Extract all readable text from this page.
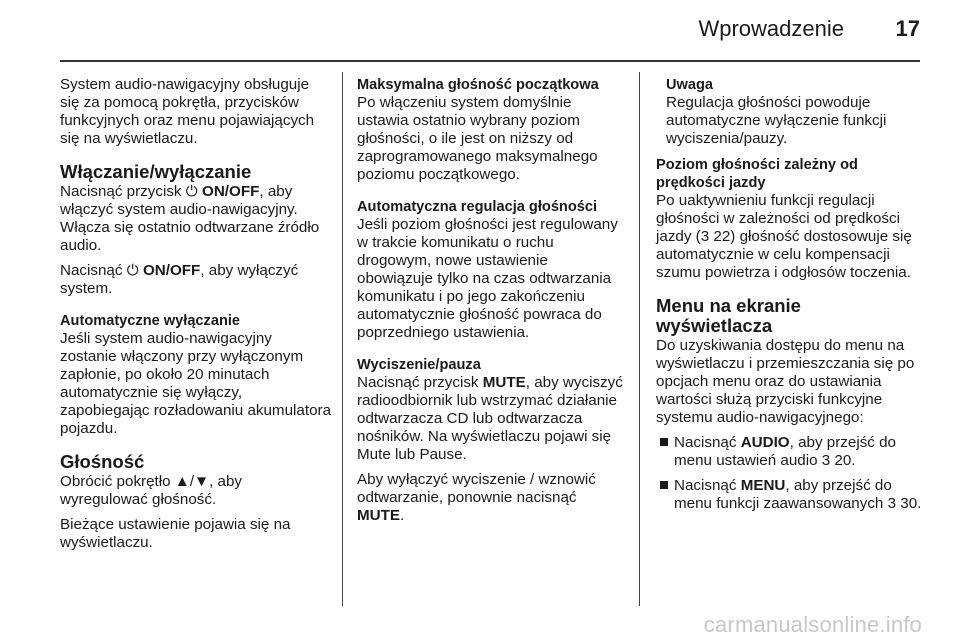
Wprowadzenie 17

System audio-nawigacyjny obsługuje się za pomocą pokrętła, przycisków funkcyjnych oraz menu pojawiających się na wyświetlaczu.

Włączanie/wyłączanie

Nacisnąć przycisk ⏻ ON/OFF, aby włączyć system audio-nawigacyjny. Włącza się ostatnio odtwarzane źródło audio.

Nacisnąć ⏻ ON/OFF, aby wyłączyć system.

Automatyczne wyłączanie

Jeśli system audio-nawigacyjny zostanie włączony przy wyłączonym zapłonie, po około 20 minutach automatycznie się wyłączy, zapobiegając rozładowaniu akumulatora pojazdu.

Głośność

Obrócić pokrętło ▲/▼, aby wyregulować głośność.

Bieżące ustawienie pojawia się na wyświetlaczu.

Maksymalna głośność początkowa

Po włączeniu system domyślnie ustawia ostatnio wybrany poziom głośności, o ile jest on niższy od zaprogramowanego maksymalnego poziomu początkowego.

Automatyczna regulacja głośności

Jeśli poziom głośności jest regulowany w trakcie komunikatu o ruchu drogowym, nowe ustawienie obowiązuje tylko na czas odtwarzania komunikatu i po jego zakończeniu automatycznie głośność powraca do poprzedniego ustawienia.

Wyciszenie/pauza

Nacisnąć przycisk MUTE, aby wyciszyć radioodbiornik lub wstrzymać działanie odtwarzacza CD lub odtwarzacza nośników. Na wyświetlaczu pojawi się Mute lub Pause.

Aby wyłączyć wyciszenie / wznowić odtwarzanie, ponownie nacisnąć MUTE.

Uwaga
Regulacja głośności powoduje automatyczne wyłączenie funkcji wyciszenia/pauzy.
Poziom głośności zależny od prędkości jazdy

Po uaktywnieniu funkcji regulacji głośności w zależności od prędkości jazdy (3 22) głośność dostosowuje się automatycznie w celu kompensacji szumu powietrza i odgłosów toczenia.

Menu na ekranie wyświetlacza

Do uzyskiwania dostępu do menu na wyświetlaczu i przemieszczania się po opcjach menu oraz do ustawiania wartości służą przyciski funkcyjne systemu audio-nawigacyjnego:

Nacisnąć AUDIO, aby przejść do menu ustawień audio 3 20.
Nacisnąć MENU, aby przejść do menu funkcji zaawansowanych 3 30.
carmanualsonline.info
